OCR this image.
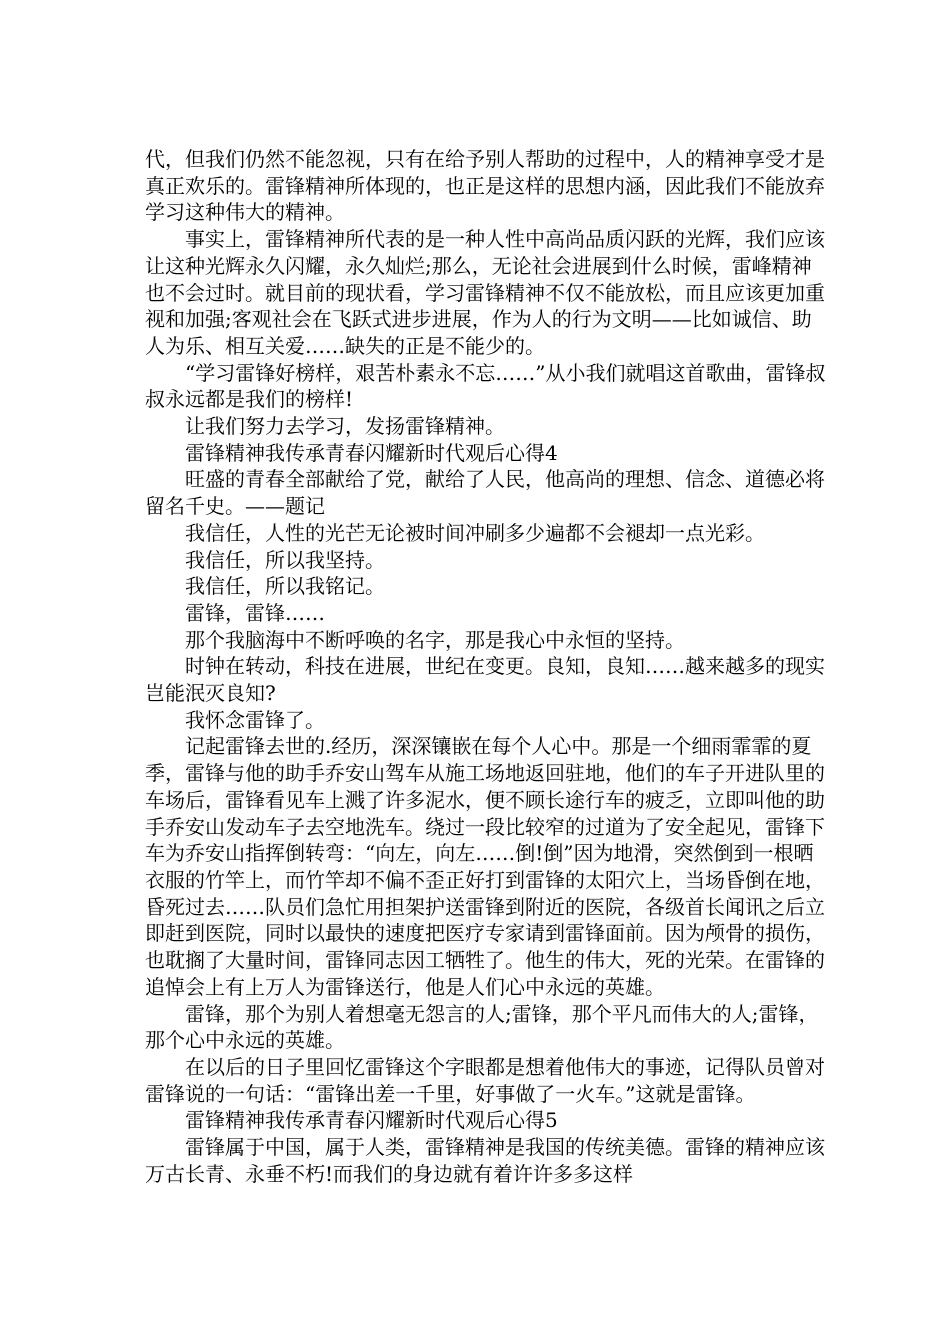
代，但我们仍然不能忽视，只有在给予别人帮助的过程中，人的精神享受才是真正欢乐的。雷锋精神所体现的，也正是这样的思想内涵，因此我们不能放弃学习这种伟大的精神。

事实上，雷锋精神所代表的是一种人性中高尚品质闪跃的光辉，我们应该让这种光辉永久闪耀，永久灿烂;那么，无论社会进展到什么时候，雷峰精神也不会过时。就目前的现状看，学习雷锋精神不仅不能放松，而且应该更加重视和加强;客观社会在飞跃式进步进展，作为人的行为文明——比如诚信、助人为乐、相互关爱……缺失的正是不能少的。

“学习雷锋好榜样，艰苦朴素永不忘……”从小我们就唱这首歌曲，雷锋叔叔永远都是我们的榜样!

让我们努力去学习，发扬雷锋精神。

雷锋精神我传承青春闪耀新时代观后心得4

旺盛的青春全部献给了党，献给了人民，他高尚的理想、信念、道德必将留名千史。——题记

我信任，人性的光芒无论被时间冲刷多少遍都不会褪却一点光彩。

我信任，所以我坚持。

我信任，所以我铭记。

雷锋，雷锋……

那个我脑海中不断呼唤的名字，那是我心中永恒的坚持。

时钟在转动，科技在进展，世纪在变更。良知，良知……越来越多的现实岂能泯灭良知?

我怀念雷锋了。

记起雷锋去世的.经历，深深镶嵌在每个人心中。那是一个细雨霏霏的夏季，雷锋与他的助手乔安山驾车从施工场地返回驻地，他们的车子开进队里的车场后，雷锋看见车上溅了许多泥水，便不顾长途行车的疲乏，立即叫他的助手乔安山发动车子去空地洗车。绕过一段比较窄的过道为了安全起见，雷锋下车为乔安山指挥倒转弯：“向左，向左……倒!倒”因为地滑，突然倒到一根晒衣服的竹竿上，而竹竿却不偏不歪正好打到雷锋的太阳穴上，当场昏倒在地，昏死过去……队员们急忙用担架护送雷锋到附近的医院，各级首长闻讯之后立即赶到医院，同时以最快的速度把医疗专家请到雷锋面前。因为颅骨的损伤，也耽搁了大量时间，雷锋同志因工牺牲了。他生的伟大，死的光荣。在雷锋的追悼会上有上万人为雷锋送行，他是人们心中永远的英雄。

雷锋，那个为别人着想毫无怨言的人;雷锋，那个平凡而伟大的人;雷锋，那个心中永远的英雄。

在以后的日子里回忆雷锋这个字眼都是想着他伟大的事迹，记得队员曾对雷锋说的一句话：“雷锋出差一千里，好事做了一火车。”这就是雷锋。

雷锋精神我传承青春闪耀新时代观后心得5

雷锋属于中国，属于人类，雷锋精神是我国的传统美德。雷锋的精神应该万古长青、永垂不朽!而我们的身边就有着许许多多这样
